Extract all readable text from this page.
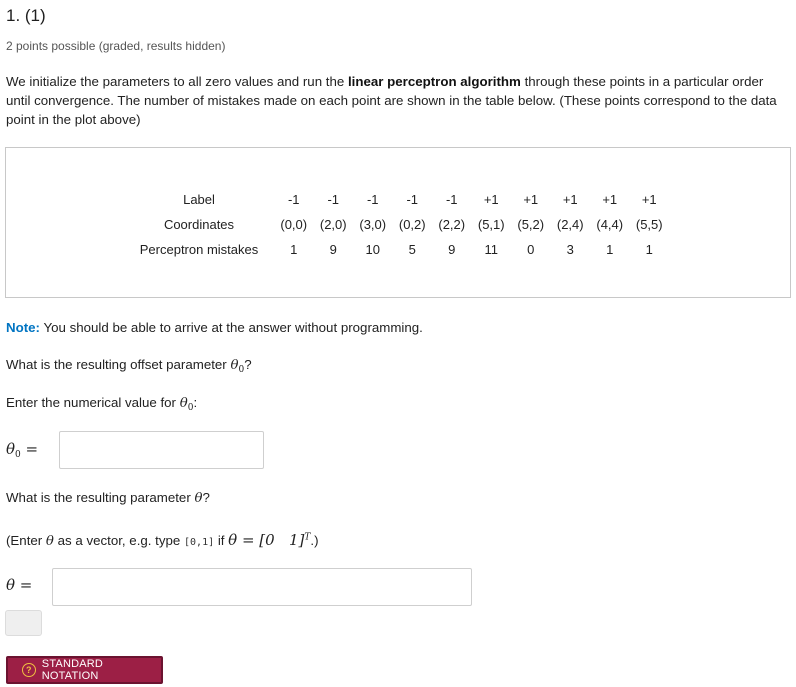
1. (1)
2 points possible (graded, results hidden)
We initialize the parameters to all zero values and run the linear perceptron algorithm through these points in a particular order until convergence. The number of mistakes made on each point are shown in the table below. (These points correspond to the data point in the plot above)
Label	-1	-1	-1	-1	-1	+1	+1	+1	+1	+1
Coordinates	(0,0)	(2,0)	(3,0)	(0,2)	(2,2)	(5,1)	(5,2)	(2,4)	(4,4)	(5,5)
Perceptron mistakes	1	9	10	5	9	11	0	3	1	1
Note: You should be able to arrive at the answer without programming.
What is the resulting offset parameter $\theta_0$?
Enter the numerical value for $\theta_0$:
$\theta_0$ =
What is the resulting parameter θ?
(Enter θ as a vector, e.g. type [0,1] if θ = [0   1]$^T$.)
θ =
? STANDARD NOTATION
